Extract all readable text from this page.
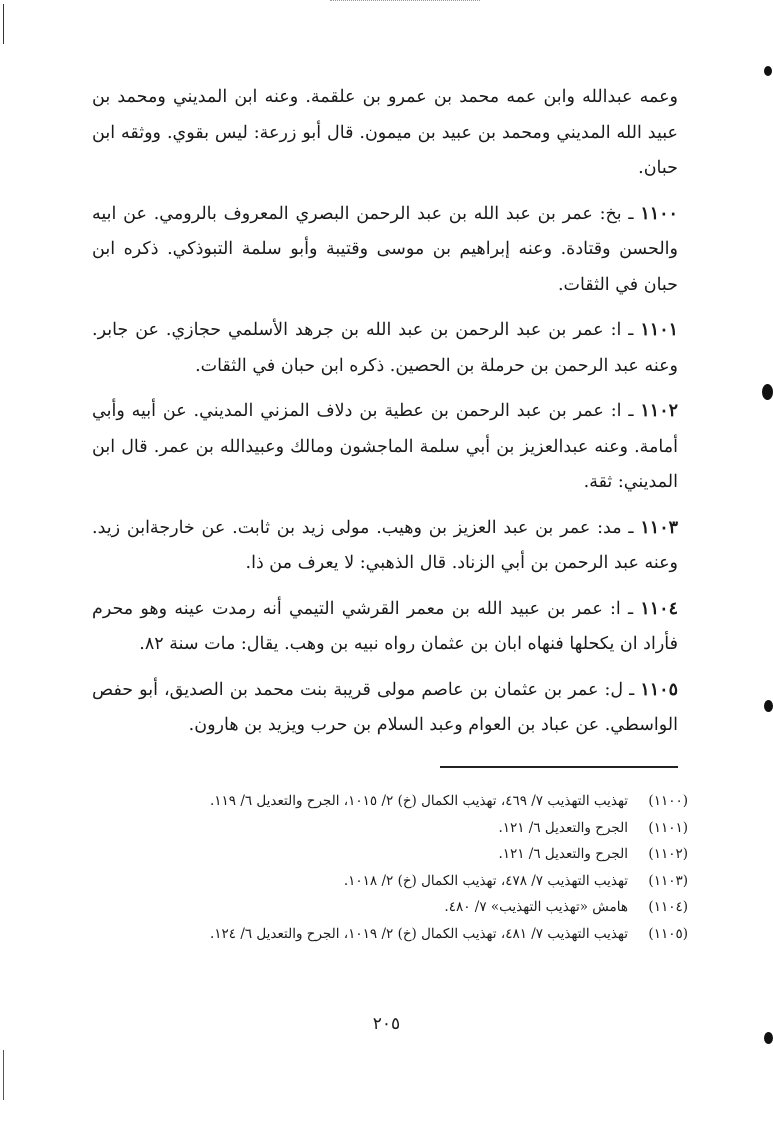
وعمه عبدالله وابن عمه محمد بن عمرو بن علقمة. وعنه ابن المديني ومحمد بن عبيد الله المديني ومحمد بن عبيد بن ميمون. قال أبو زرعة: ليس بقوي. ووثقه ابن حبان.

١١٠٠ ـ بخ: عمر بن عبد الله بن عبد الرحمن البصري المعروف بالرومي. عن ابيه والحسن وقتادة. وعنه إبراهيم بن موسى وقتيبة وأبو سلمة التبوذكي. ذكره ابن حبان في الثقات.

١١٠١ ـ ا: عمر بن عبد الرحمن بن عبد الله بن جرهد الأسلمي حجازي. عن جابر. وعنه عبد الرحمن بن حرملة بن الحصين. ذكره ابن حبان في الثقات.

١١٠٢ ـ ا: عمر بن عبد الرحمن بن عطية بن دلاف المزني المديني. عن أبيه وأبي أمامة. وعنه عبدالعزيز بن أبي سلمة الماجشون ومالك وعبيدالله بن عمر. قال ابن المديني: ثقة.

١١٠٣ ـ مد: عمر بن عبد العزيز بن وهيب. مولى زيد بن ثابت. عن خارجةابن زيد. وعنه عبد الرحمن بن أبي الزناد. قال الذهبي: لا يعرف من ذا.

١١٠٤ ـ ا: عمر بن عبيد الله بن معمر القرشي التيمي أنه رمدت عينه وهو محرم فأراد ان يكحلها فنهاه ابان بن عثمان رواه نبيه بن وهب. يقال: مات سنة ٨٢.

١١٠٥ ـ ل: عمر بن عثمان بن عاصم مولى قريبة بنت محمد بن الصديق، أبو حفص الواسطي. عن عباد بن العوام وعبد السلام بن حرب ويزيد بن هارون.

(١١٠٠)
تهذيب التهذيب ٧/ ٤٦٩، تهذيب الكمال (خ) ٢/ ١٠١٥، الجرح والتعديل ٦/ ١١٩.
(١١٠١)
الجرح والتعديل ٦/ ١٢١.
(١١٠٢)
الجرح والتعديل ٦/ ١٢١.
(١١٠٣)
تهذيب التهذيب ٧/ ٤٧٨، تهذيب الكمال (خ) ٢/ ١٠١٨.
(١١٠٤)
هامش «تهذيب التهذيب» ٧/ ٤٨٠.
(١١٠٥)
تهذيب التهذيب ٧/ ٤٨١، تهذيب الكمال (خ) ٢/ ١٠١٩، الجرح والتعديل ٦/ ١٢٤.
٢٠٥
